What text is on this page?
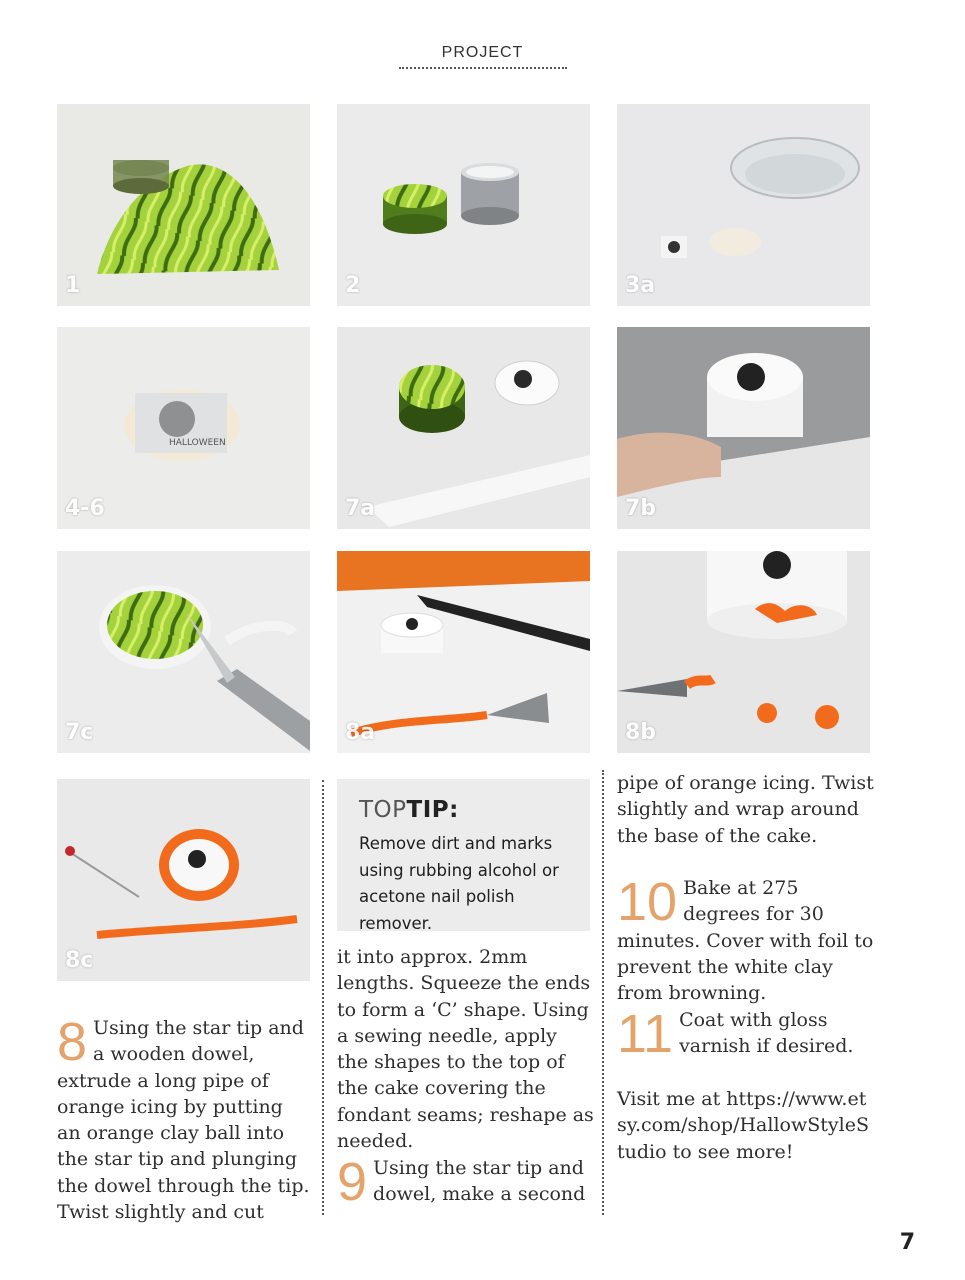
PROJECT
1	2	3a
HALLOWEEN
4-6	7a	7b
7c	8a	8b
8c
8 Using the star tip and a wooden dowel, extrude a long pipe of orange icing by putting an orange clay ball into the star tip and plunging the dowel through the tip. Twist slightly and cut

TOPTIP:
Remove dirt and marks using rubbing alcohol or acetone nail polish remover.

it into approx. 2mm lengths. Squeeze the ends to form a ‘C’ shape. Using a sewing needle, apply the shapes to the top of the cake covering the fondant seams; reshape as needed.

9 Using the star tip and dowel, make a second

pipe of orange icing. Twist slightly and wrap around the base of the cake.

10 Bake at 275 degrees for 30 minutes. Cover with foil to prevent the white clay from browning.

11 Coat with gloss varnish if desired.

Visit me at https://www.etsy.com/shop/HallowStyleStudio to see more!

7
